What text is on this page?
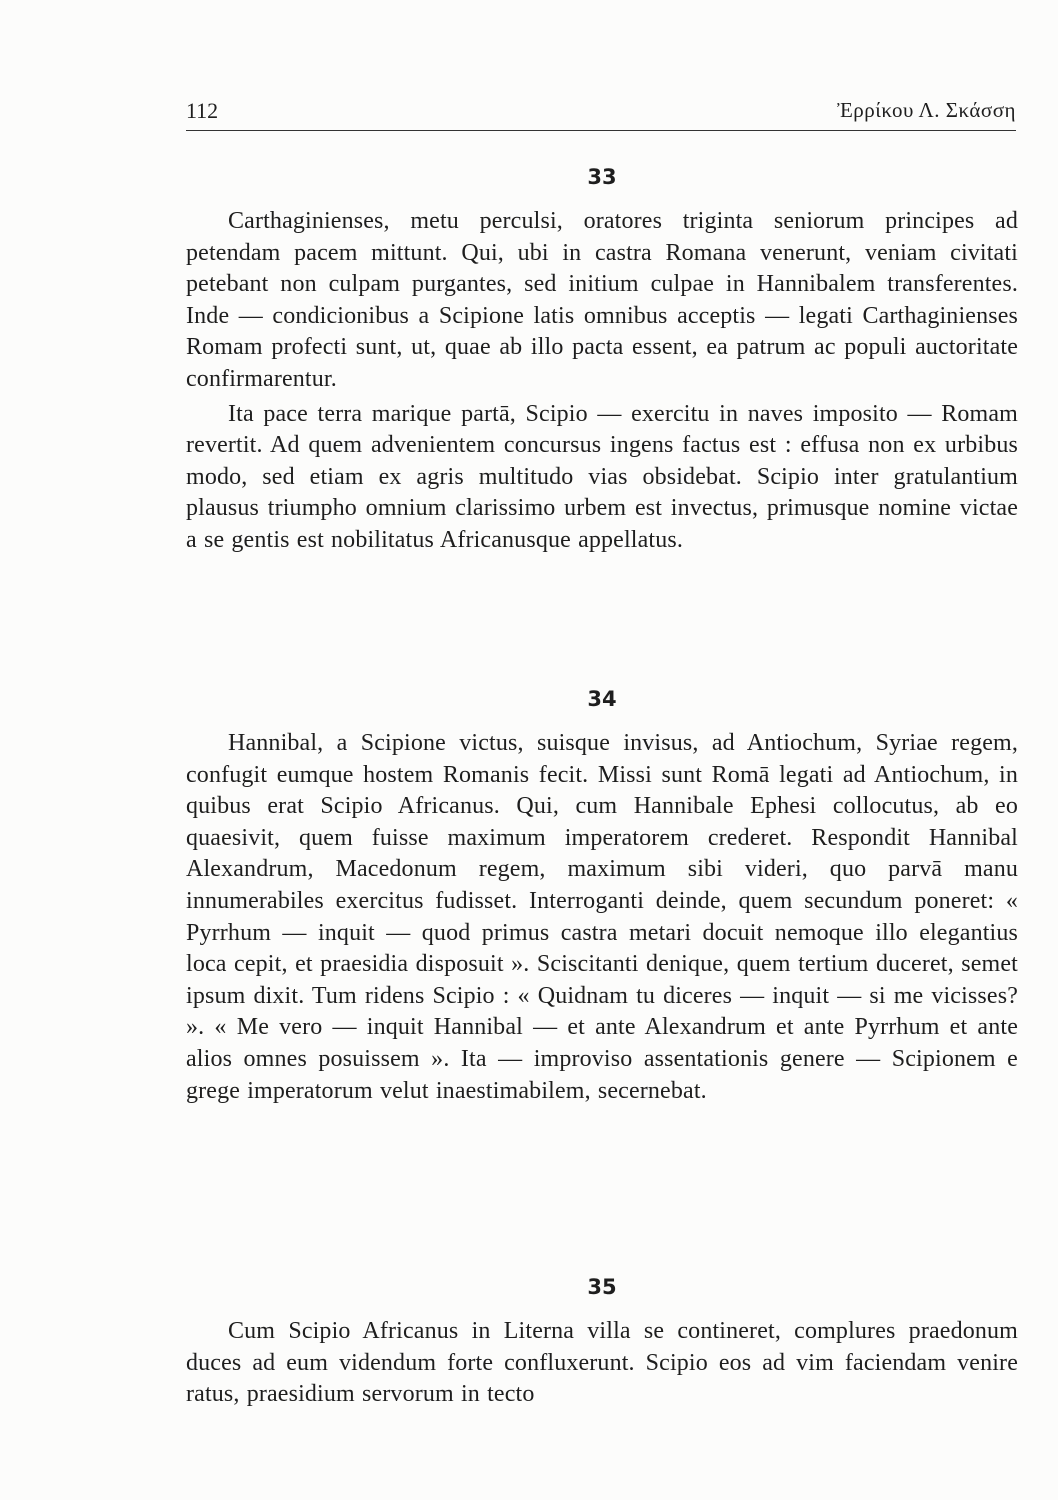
112	Ἐρρίκου Λ. Σκάσση

33

Carthaginienses, metu perculsi, oratores triginta seniorum principes ad petendam pacem mittunt. Qui, ubi in castra Romana venerunt, veniam civitati petebant non culpam purgantes, sed initium culpae in Hannibalem transferentes. Inde — condicionibus a Scipione latis omnibus acceptis — legati Carthaginienses Romam profecti sunt, ut, quae ab illo pacta essent, ea patrum ac populi auctoritate confirmarentur.

Ita pace terra marique partā, Scipio — exercitu in naves imposito — Romam revertit. Ad quem advenientem concursus ingens factus est : effusa non ex urbibus modo, sed etiam ex agris multitudo vias obsidebat. Scipio inter gratulantium plausus triumpho omnium clarissimo urbem est invectus, primusque nomine victae a se gentis est nobilitatus Africanusque appellatus.

34

Hannibal, a Scipione victus, suisque invisus, ad Antiochum, Syriae regem, confugit eumque hostem Romanis fecit. Missi sunt Romā legati ad Antiochum, in quibus erat Scipio Africanus. Qui, cum Hannibale Ephesi collocutus, ab eo quaesivit, quem fuisse maximum imperatorem crederet. Respondit Hannibal Alexandrum, Macedonum regem, maximum sibi videri, quo parvā manu innumerabiles exercitus fudisset. Interroganti deinde, quem secundum poneret: « Pyrrhum — inquit — quod primus castra metari docuit nemoque illo elegantius loca cepit, et praesidia disposuit ». Sciscitanti denique, quem tertium duceret, semet ipsum dixit. Tum ridens Scipio : « Quidnam tu diceres — inquit — si me vicisses? ». « Me vero — inquit Hannibal — et ante Alexandrum et ante Pyrrhum et ante alios omnes posuissem ». Ita — improviso assentationis genere — Scipionem e grege imperatorum velut inaestimabilem, secernebat.

35

Cum Scipio Africanus in Literna villa se contineret, complures praedonum duces ad eum videndum forte confluxerunt. Scipio eos ad vim faciendam venire ratus, praesidium servorum in tecto
